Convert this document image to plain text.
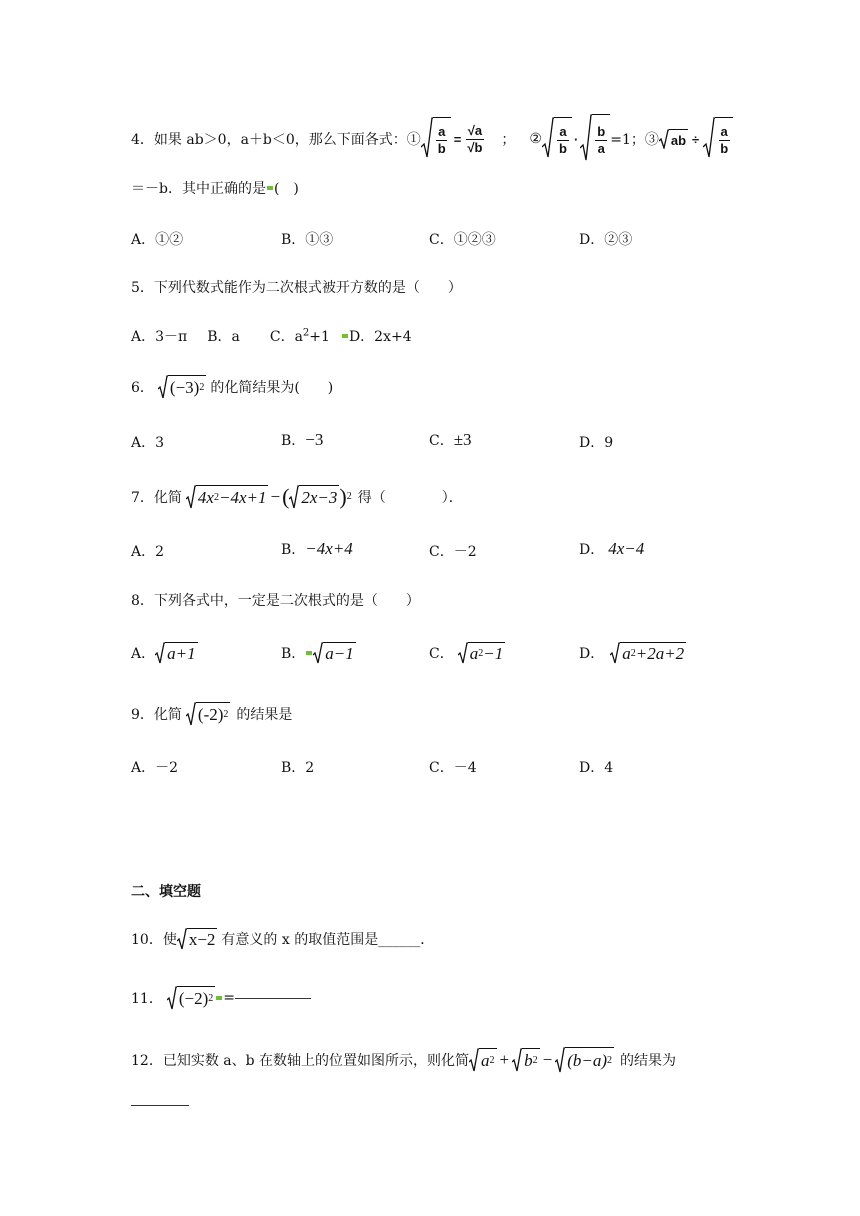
4．如果 ab＞0，a＋b＜0，那么下面各式：① $\frac{a}{b} = \frac{√a}{√b}$ ； ② $\frac{a}{b} \cdot \frac{b}{a} =1$；③ ab ÷ $\frac{a}{b}$
＝－b．其中正确的是 (　)
A．①②	B．①③	C．①②③	D．②③
5．下列代数式能作为二次根式被开方数的是（　　）
A．3－π B．a C．$a^2+1$ D．2x+4
6． (−3) 2 的化简结果为(　　)
A．3	B． −3	C． ±3	D．9
7．化简 4x 2 −4x+1 − ( 2x−3 ) 2 得（　　　　）．
A．2	B． −4x+4	C．－2	D． 4x−4
8．下列各式中，一定是二次根式的是（　　）
A． a+1	B． a−1	C． a 2 −1	D． a 2 +2a+2
9．化简 (-2) 2 的结果是
A．－2	B．2	C．－4	D．4
二、填空题
10．使 x−2 有意义的 x 的取值范围是______．
11． (−2) 2 =
12．已知实数 a、b 在数轴上的位置如图所示，则化简 a 2 + b 2 − (b−a) 2 的结果为
